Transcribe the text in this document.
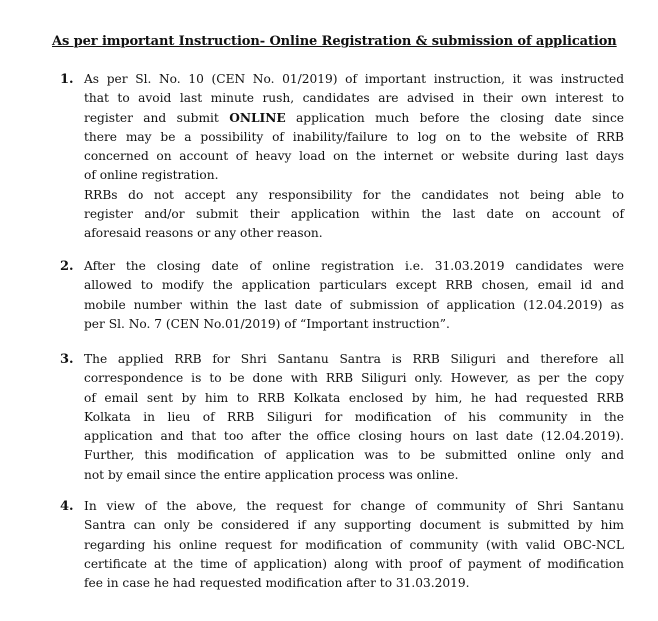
As per important Instruction- Online Registration & submission of application
1. As per Sl. No. 10 (CEN No. 01/2019) of important instruction, it was instructed
that to avoid last minute rush, candidates are advised in their own interest to
register and submit ONLINE application much before the closing date since
there may be a possibility of inability/failure to log on to the website of RRB
concerned on account of heavy load on the internet or website during last days
of online registration.
RRBs do not accept any responsibility for the candidates not being able to
register and/or submit their application within the last date on account of
aforesaid reasons or any other reason.
2. After the closing date of online registration i.e. 31.03.2019 candidates were
allowed to modify the application particulars except RRB chosen, email id and
mobile number within the last date of submission of application (12.04.2019) as
per Sl. No. 7 (CEN No.01/2019) of “Important instruction”.
3. The applied RRB for Shri Santanu Santra is RRB Siliguri and therefore all
correspondence is to be done with RRB Siliguri only. However, as per the copy
of email sent by him to RRB Kolkata enclosed by him, he had requested RRB
Kolkata in lieu of RRB Siliguri for modification of his community in the
application and that too after the office closing hours on last date (12.04.2019).
Further, this modification of application was to be submitted online only and
not by email since the entire application process was online.
4. In view of the above, the request for change of community of Shri Santanu
Santra can only be considered if any supporting document is submitted by him
regarding his online request for modification of community (with valid OBC-NCL
certificate at the time of application) along with proof of payment of modification
fee in case he had requested modification after to 31.03.2019.
